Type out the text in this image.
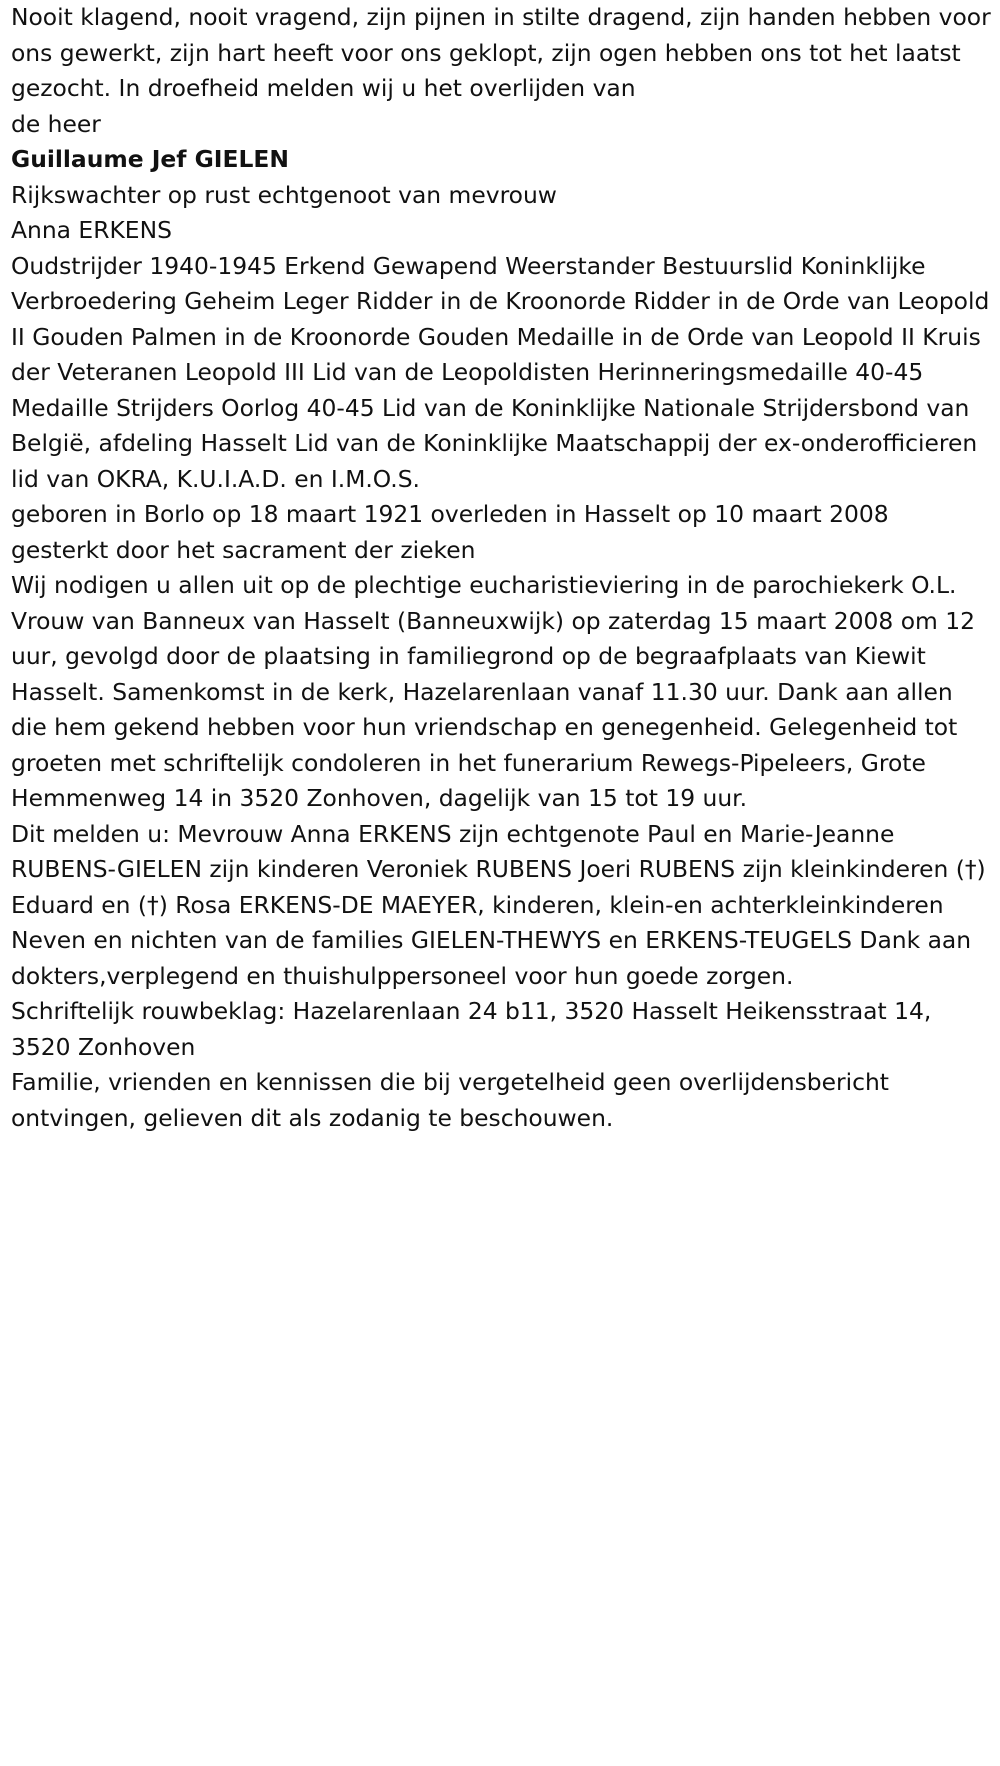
Nooit klagend, nooit vragend, zijn pijnen in stilte dragend, zijn handen hebben voor ons gewerkt, zijn hart heeft voor ons geklopt, zijn ogen hebben ons tot het laatst gezocht. In droefheid melden wij u het overlijden van

de heer

Guillaume Jef GIELEN

Rijkswachter op rust echtgenoot van mevrouw

Anna ERKENS

Oudstrijder 1940-1945 Erkend Gewapend Weerstander Bestuurslid Koninklijke Verbroedering Geheim Leger Ridder in de Kroonorde Ridder in de Orde van Leopold II Gouden Palmen in de Kroonorde Gouden Medaille in de Orde van Leopold II Kruis der Veteranen Leopold III Lid van de Leopoldisten Herinneringsmedaille 40-45 Medaille Strijders Oorlog 40-45 Lid van de Koninklijke Nationale Strijdersbond van België, afdeling Hasselt Lid van de Koninklijke Maatschappij der ex-onderofficieren lid van OKRA, K.U.I.A.D. en I.M.O.S.

geboren in Borlo op 18 maart 1921 overleden in Hasselt op 10 maart 2008 gesterkt door het sacrament der zieken

Wij nodigen u allen uit op de plechtige eucharistieviering in de parochiekerk O.L. Vrouw van Banneux van Hasselt (Banneuxwijk) op zaterdag 15 maart 2008 om 12 uur, gevolgd door de plaatsing in familiegrond op de begraafplaats van Kiewit Hasselt. Samenkomst in de kerk, Hazelarenlaan vanaf 11.30 uur. Dank aan allen die hem gekend hebben voor hun vriendschap en genegenheid. Gelegenheid tot groeten met schriftelijk condoleren in het funerarium Rewegs-Pipeleers, Grote Hemmenweg 14 in 3520 Zonhoven, dagelijk van 15 tot 19 uur.

Dit melden u: Mevrouw Anna ERKENS zijn echtgenote Paul en Marie-Jeanne RUBENS-GIELEN zijn kinderen Veroniek RUBENS Joeri RUBENS zijn kleinkinderen (†) Eduard en (†) Rosa ERKENS-DE MAEYER, kinderen, klein-en achterkleinkinderen Neven en nichten van de families GIELEN-THEWYS en ERKENS-TEUGELS Dank aan dokters,verplegend en thuishulppersoneel voor hun goede zorgen.

Schriftelijk rouwbeklag: Hazelarenlaan 24 b11, 3520 Hasselt Heikensstraat 14, 3520 Zonhoven

Familie, vrienden en kennissen die bij vergetelheid geen overlijdensbericht ontvingen, gelieven dit als zodanig te beschouwen.
